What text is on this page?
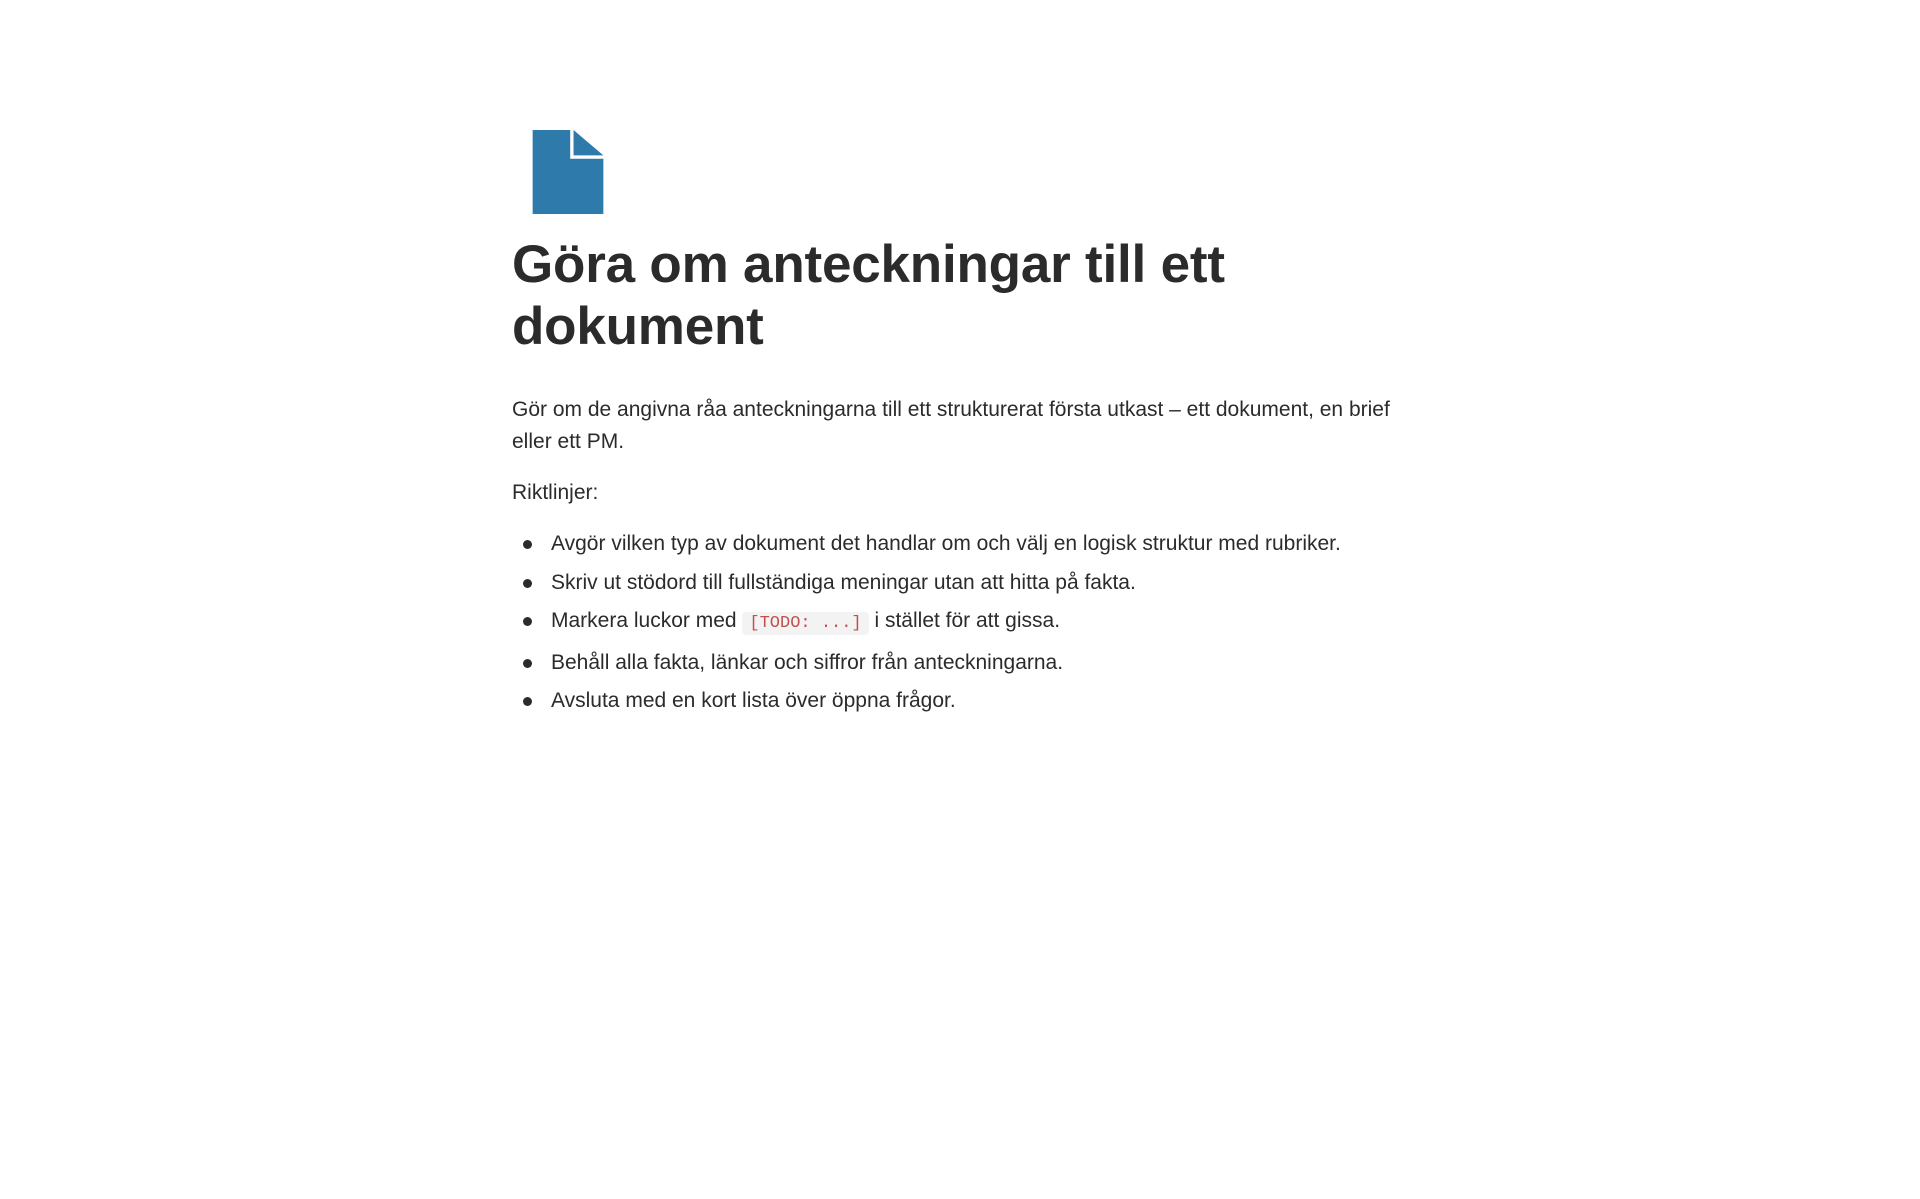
Göra om anteckningar till ett dokument

Gör om de angivna råa anteckningarna till ett strukturerat första utkast – ett dokument, en brief eller ett PM.

Riktlinjer:

Avgör vilken typ av dokument det handlar om och välj en logisk struktur med rubriker.
Skriv ut stödord till fullständiga meningar utan att hitta på fakta.
Markera luckor med [TODO: ...] i stället för att gissa.
Behåll alla fakta, länkar och siffror från anteckningarna.
Avsluta med en kort lista över öppna frågor.
